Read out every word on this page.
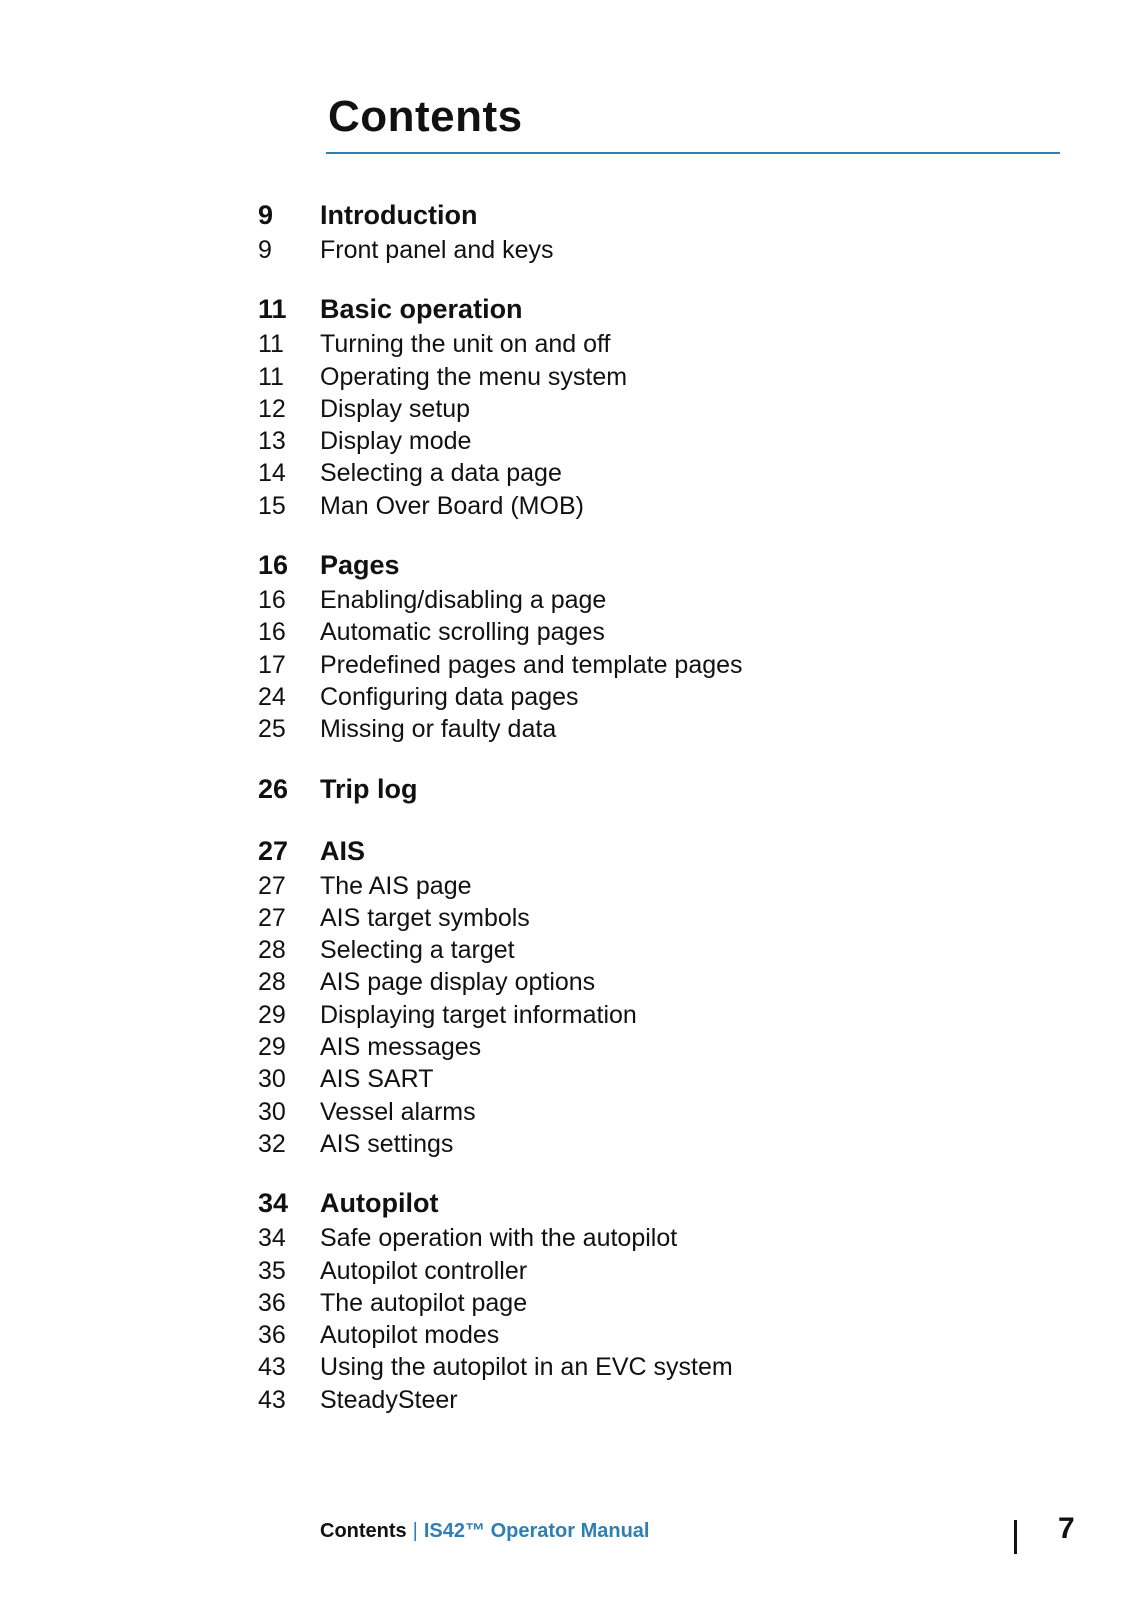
Contents
9	Introduction
9	Front panel and keys
11	Basic operation
11	Turning the unit on and off
11	Operating the menu system
12	Display setup
13	Display mode
14	Selecting a data page
15	Man Over Board (MOB)
16	Pages
16	Enabling/disabling a page
16	Automatic scrolling pages
17	Predefined pages and template pages
24	Configuring data pages
25	Missing or faulty data
26	Trip log
27	AIS
27	The AIS page
27	AIS target symbols
28	Selecting a target
28	AIS page display options
29	Displaying target information
29	AIS messages
30	AIS SART
30	Vessel alarms
32	AIS settings
34	Autopilot
34	Safe operation with the autopilot
35	Autopilot controller
36	The autopilot page
36	Autopilot modes
43	Using the autopilot in an EVC system
43	SteadySteer
Contents | IS42™ Operator Manual	7
